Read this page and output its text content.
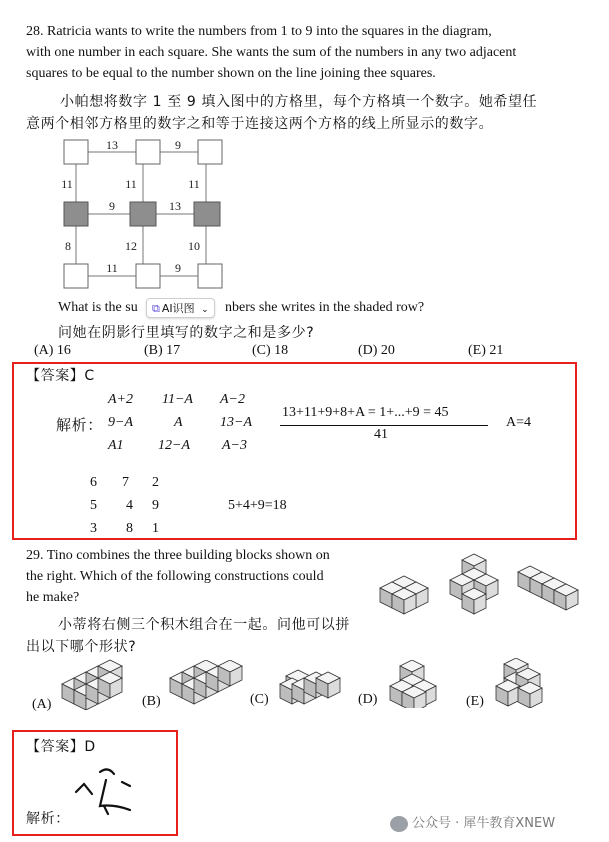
28. Ratricia wants to write the numbers from 1 to 9 into the squares in the diagram,
with one number in each square. She wants the sum of the numbers in any two adjacent
squares to be equal to the number shown on the line joining thee squares.
小帕想将数字 1 至 9 填入图中的方格里，每个方格填一个数字。她希望任
意两个相邻方格里的数字之和等于连接这两个方格的线上所显示的数字。
13	9
11	11	11
9	13
8	12	10
11	9
What is the su	⧉ AI识图 ⌄	nbers she writes in the shaded row?
问她在阴影行里填写的数字之和是多少?
(A) 16	(B) 17	(C) 18	(D) 20	(E) 21
【答案】C
解析：
A+2 11−A A−2
9−A	A	13−A
A1 12−A A−3
13+11+9+8+A = 1+...+9 = 45
41
A=4
6 7 2
5 4 9
3 8 1
5+4+9=18
29. Tino combines the three building blocks shown on
the right. Which of the following constructions could
he make?
小蒂将右侧三个积木组合在一起。问他可以拼
出以下哪个形状?
(A)	(B)	(C)	(D)	(E)
【答案】D
解析：	公众号 · 犀牛教育XNEW
